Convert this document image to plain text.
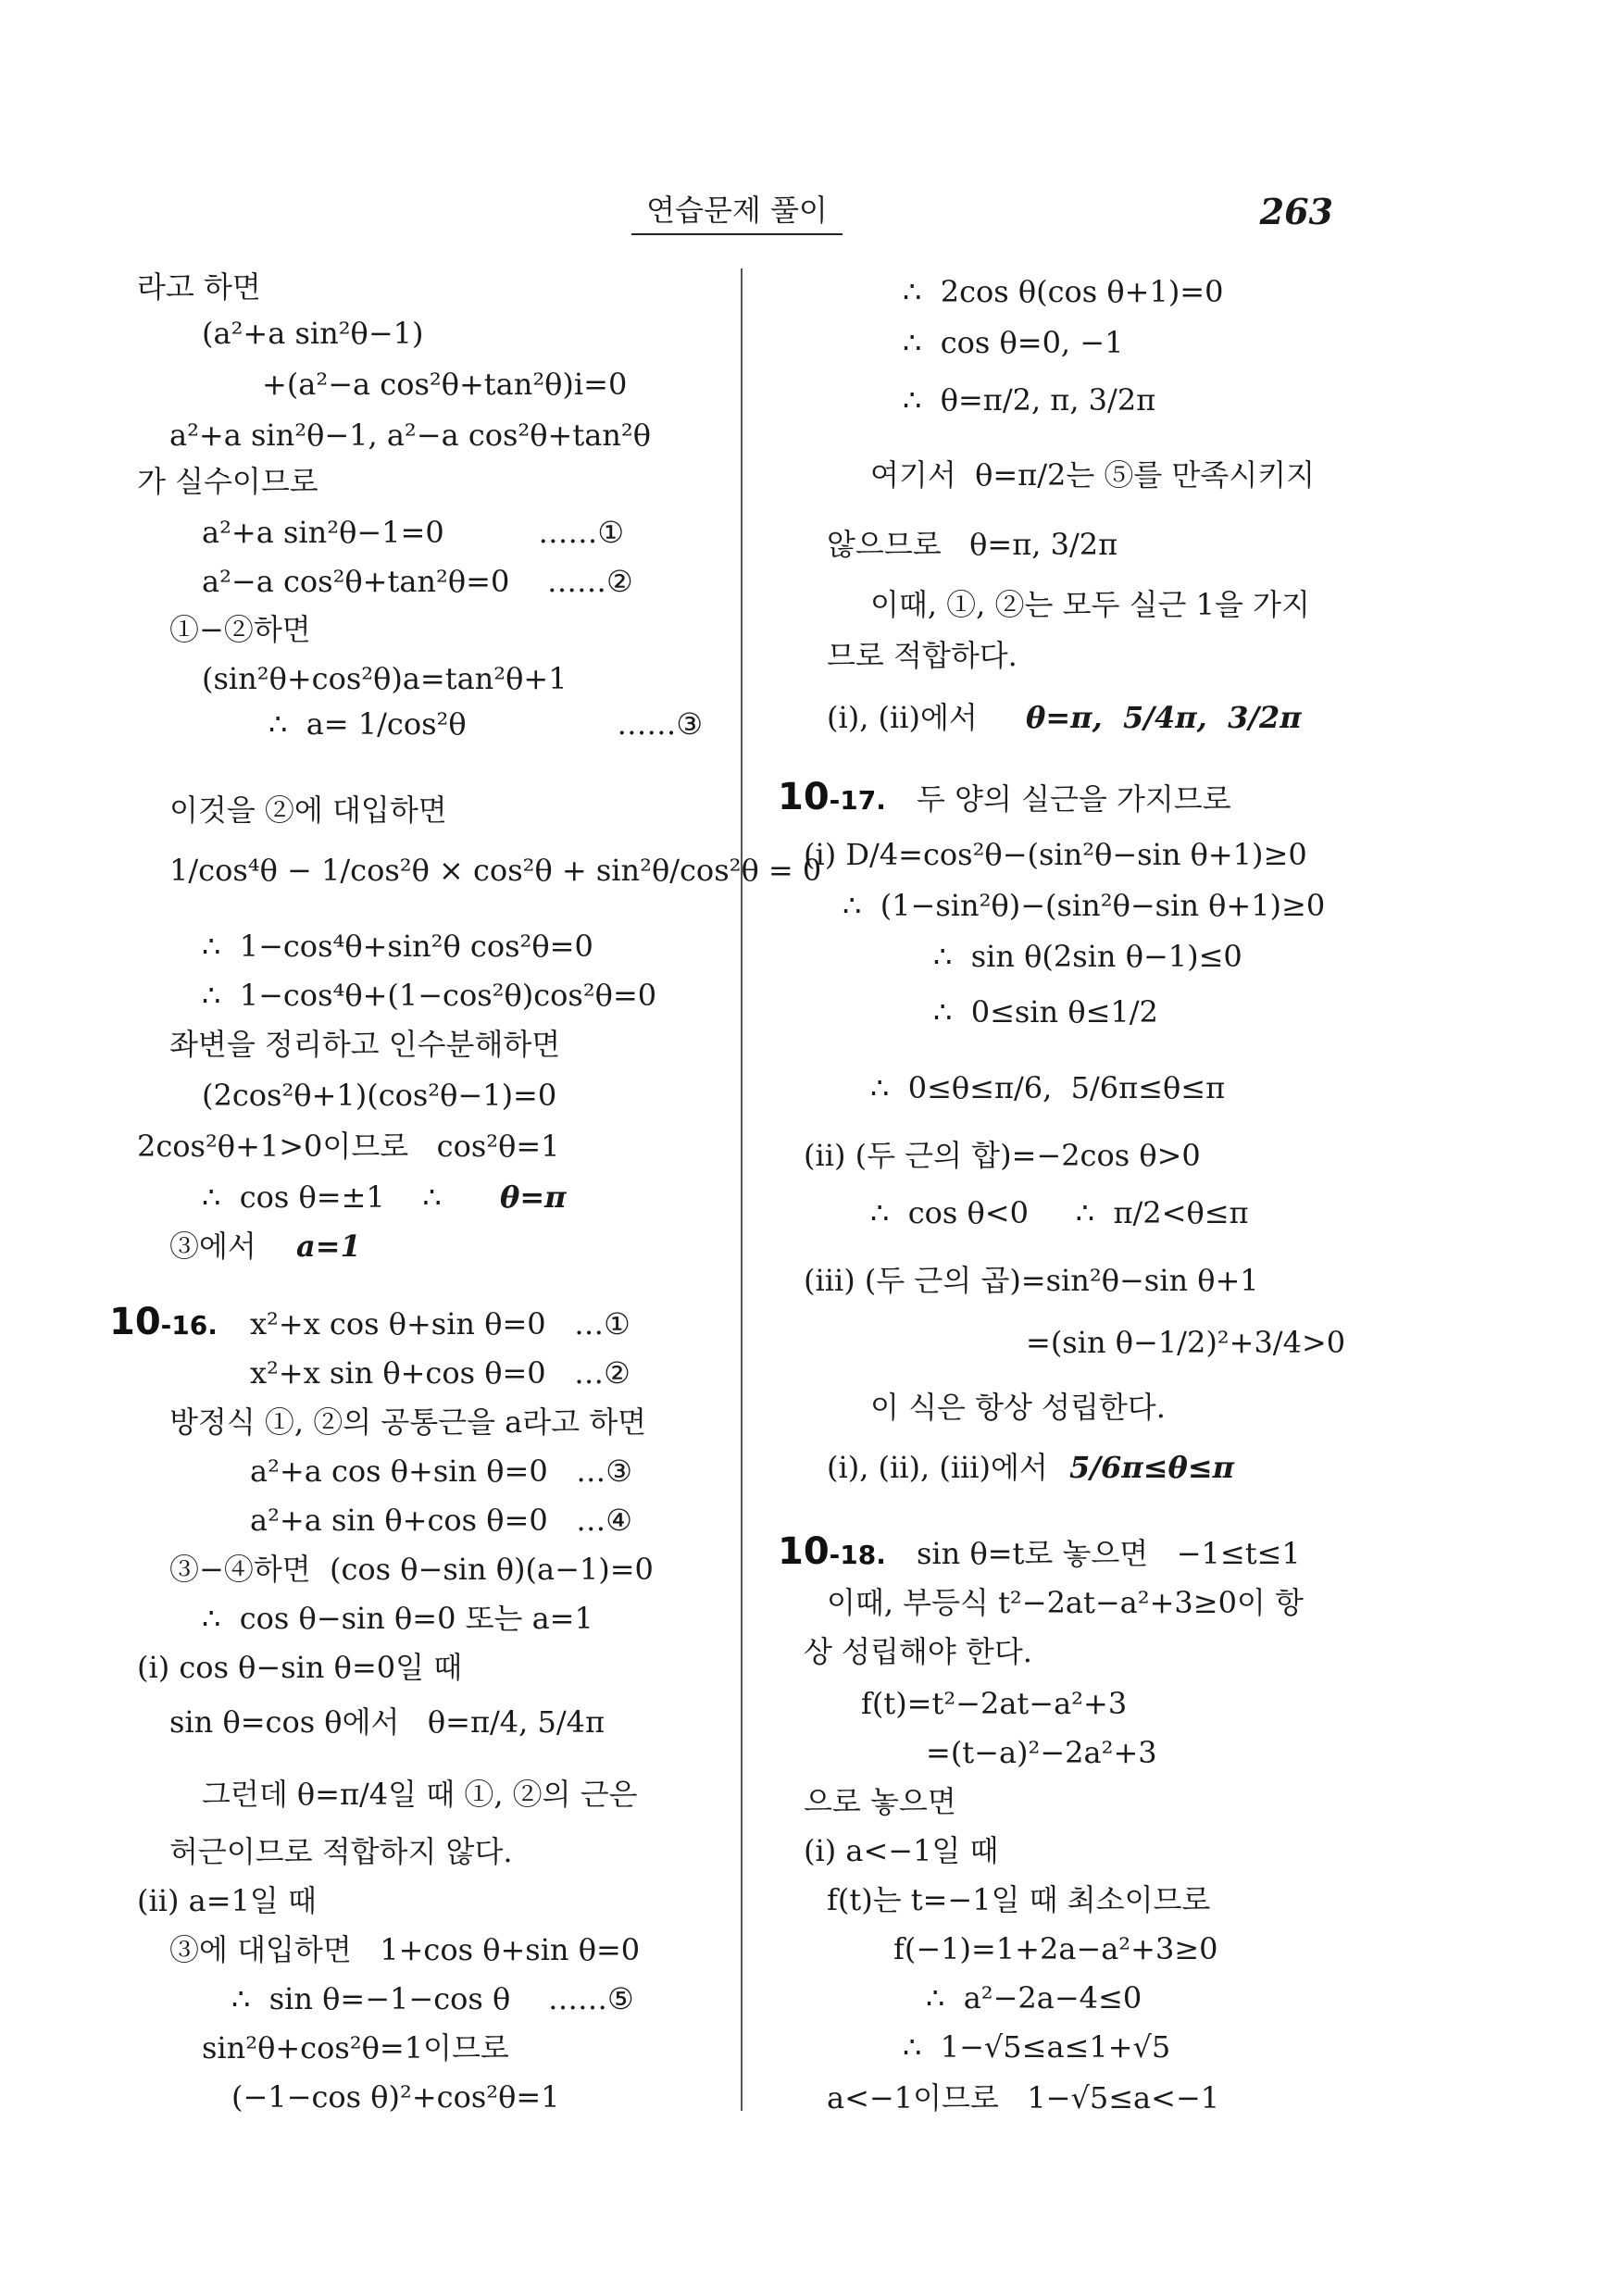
연습문제 풀이	263
라고 하면
(a²+a sin²θ−1)
+(a²−a cos²θ+tan²θ)i=0
a²+a sin²θ−1, a²−a cos²θ+tan²θ
가 실수이므로
a²+a sin²θ−1=0          ……①
a²−a cos²θ+tan²θ=0    ……②
①−②하면
(sin²θ+cos²θ)a=tan²θ+1
∴  a= 1/cos²θ                ……③
이것을 ②에 대입하면
1/cos⁴θ − 1/cos²θ × cos²θ + sin²θ/cos²θ = 0
∴  1−cos⁴θ+sin²θ cos²θ=0
∴  1−cos⁴θ+(1−cos²θ)cos²θ=0
좌변을 정리하고 인수분해하면
(2cos²θ+1)(cos²θ−1)=0
2cos²θ+1>0이므로   cos²θ=1
∴  cos θ=±1    ∴
③에서
θ=π
a=1
∴  2cos θ(cos θ+1)=0
∴  cos θ=0, −1
∴  θ=π/2, π, 3/2π
여기서  θ=π/2는 ⑤를 만족시키지
않으므로   θ=π, 3/2π
이때, ①, ②는 모두 실근 1을 가지
므로 적합하다.
(i), (ii)에서 θ=π,  5/4π,  3/2π
10-16. x²+x cos θ+sin θ=0   …①
x²+x sin θ+cos θ=0   …②
방정식 ①, ②의 공통근을 a라고 하면
a²+a cos θ+sin θ=0   …③
a²+a sin θ+cos θ=0   …④
③−④하면  (cos θ−sin θ)(a−1)=0
∴  cos θ−sin θ=0 또는 a=1
(i) cos θ−sin θ=0일 때
sin θ=cos θ에서   θ=π/4, 5/4π
그런데 θ=π/4일 때 ①, ②의 근은
허근이므로 적합하지 않다.
(ii) a=1일 때
③에 대입하면   1+cos θ+sin θ=0
∴  sin θ=−1−cos θ    ……⑤
sin²θ+cos²θ=1이므로
(−1−cos θ)²+cos²θ=1
10-17. 두 양의 실근을 가지므로
(i) D/4=cos²θ−(sin²θ−sin θ+1)≥0
∴  (1−sin²θ)−(sin²θ−sin θ+1)≥0
∴  sin θ(2sin θ−1)≤0
∴  0≤sin θ≤1/2
∴  0≤θ≤π/6,  5/6π≤θ≤π
(ii) (두 근의 합)=−2cos θ>0
∴  cos θ<0     ∴  π/2<θ≤π
(iii) (두 근의 곱)=sin²θ−sin θ+1
=(sin θ−1/2)²+3/4>0
이 식은 항상 성립한다.
(i), (ii), (iii)에서
10-18. sin θ=t로 놓으면   −1≤t≤1
이때, 부등식 t²−2at−a²+3≥0이 항
상 성립해야 한다.
f(t)=t²−2at−a²+3
=(t−a)²−2a²+3
으로 놓으면
(i) a<−1일 때
f(t)는 t=−1일 때 최소이므로
f(−1)=1+2a−a²+3≥0
∴  a²−2a−4≤0
∴  1−√5≤a≤1+√5
a<−1이므로   1−√5≤a<−1
5/6π≤θ≤π
